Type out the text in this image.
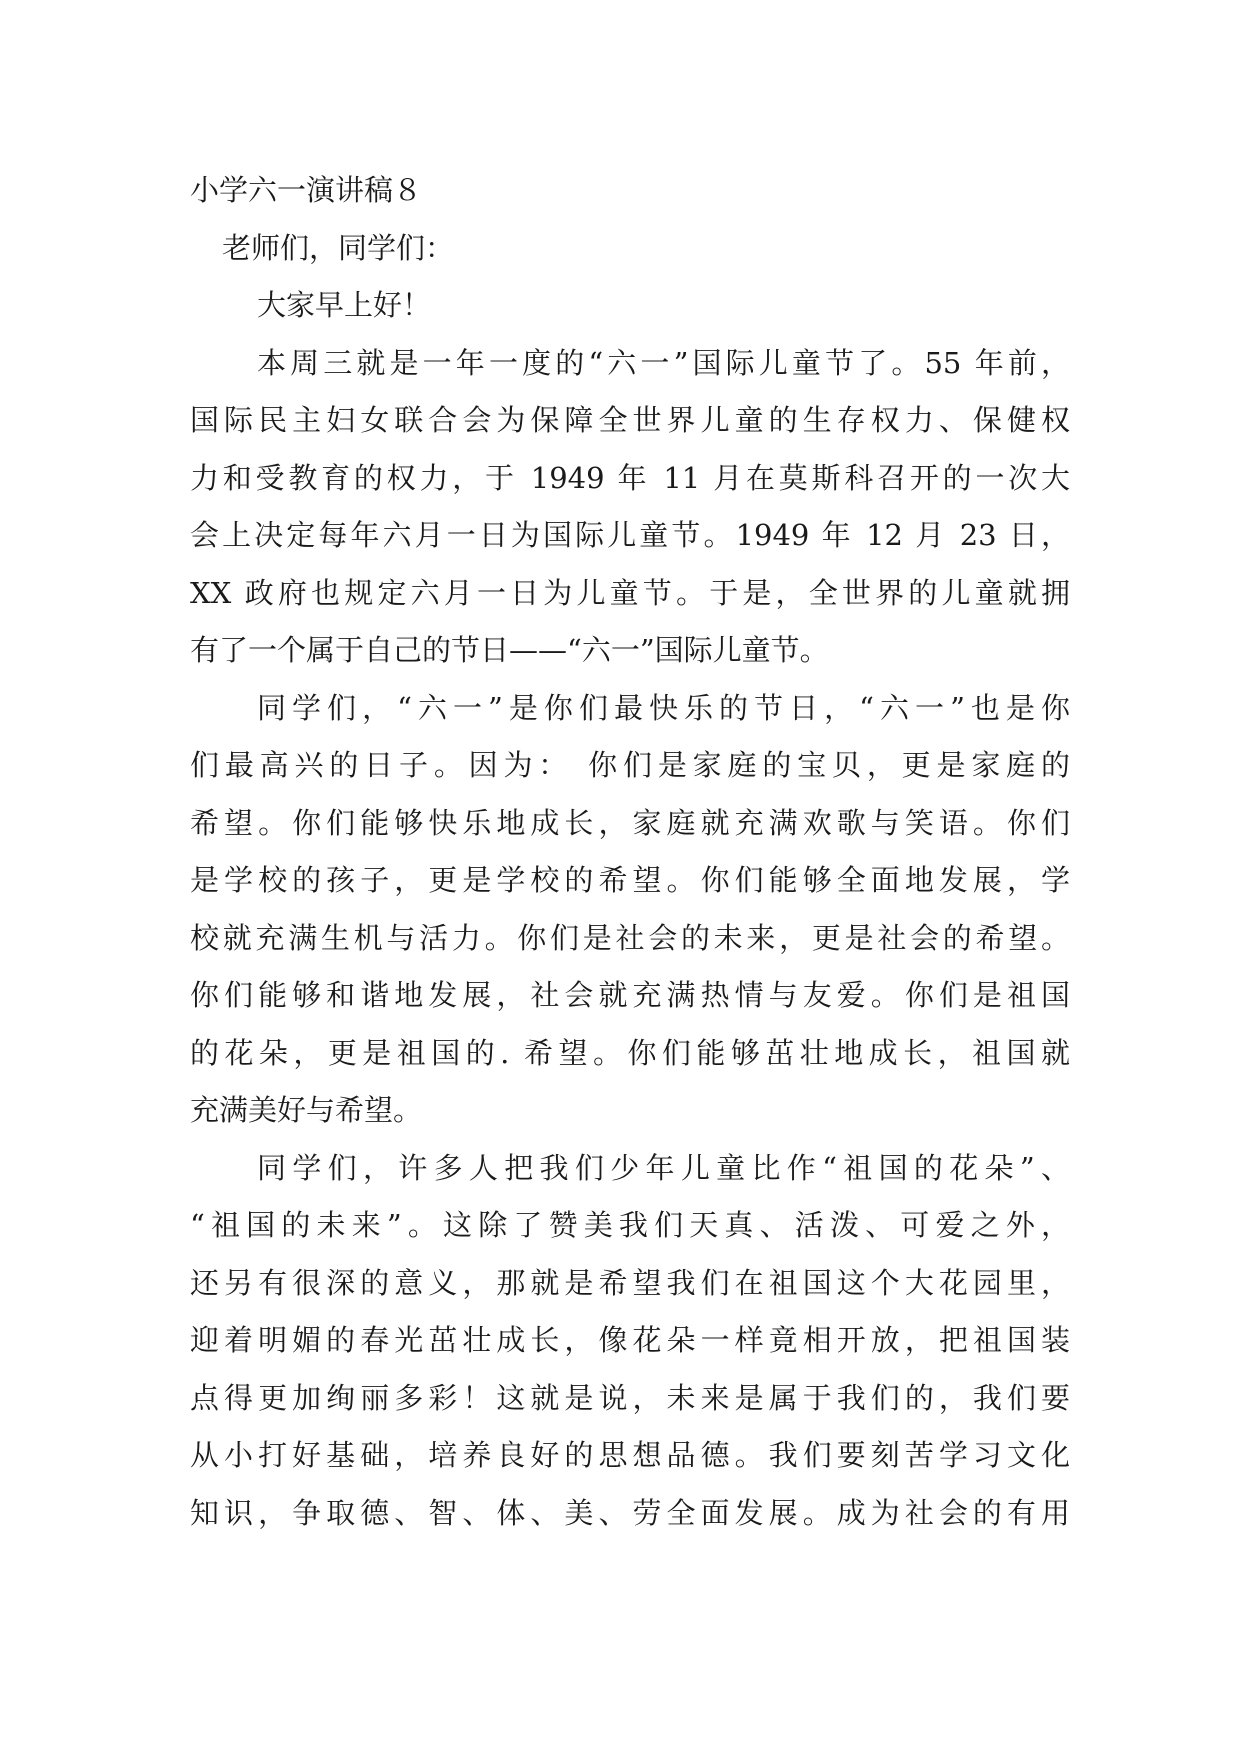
小学六一演讲稿８
老师们，同学们：
大家早上好！
本周三就是一年一度的“六一”国际儿童节了。55 年前，
国际民主妇女联合会为保障全世界儿童的生存权力、保健权
力和受教育的权力，于 1949 年 11 月在莫斯科召开的一次大
会上决定每年六月一日为国际儿童节。1949 年 12 月 23 日，
XX 政府也规定六月一日为儿童节。于是，全世界的儿童就拥
有了一个属于自己的节日——“六一”国际儿童节。
同学们，“六一”是你们最快乐的节日，“六一”也是你
们最高兴的日子。因为： 你们是家庭的宝贝，更是家庭的
希望。你们能够快乐地成长，家庭就充满欢歌与笑语。你们
是学校的孩子，更是学校的希望。你们能够全面地发展，学
校就充满生机与活力。你们是社会的未来，更是社会的希望。
你们能够和谐地发展，社会就充满热情与友爱。你们是祖国
的花朵，更是祖国的. 希望。你们能够茁壮地成长，祖国就
充满美好与希望。
同学们，许多人把我们少年儿童比作“祖国的花朵”、
“祖国的未来”。这除了赞美我们天真、活泼、可爱之外，
还另有很深的意义，那就是希望我们在祖国这个大花园里，
迎着明媚的春光茁壮成长，像花朵一样竟相开放，把祖国装
点得更加绚丽多彩！这就是说，未来是属于我们的，我们要
从小打好基础，培养良好的思想品德。我们要刻苦学习文化
知识，争取德、智、体、美、劳全面发展。成为社会的有用
